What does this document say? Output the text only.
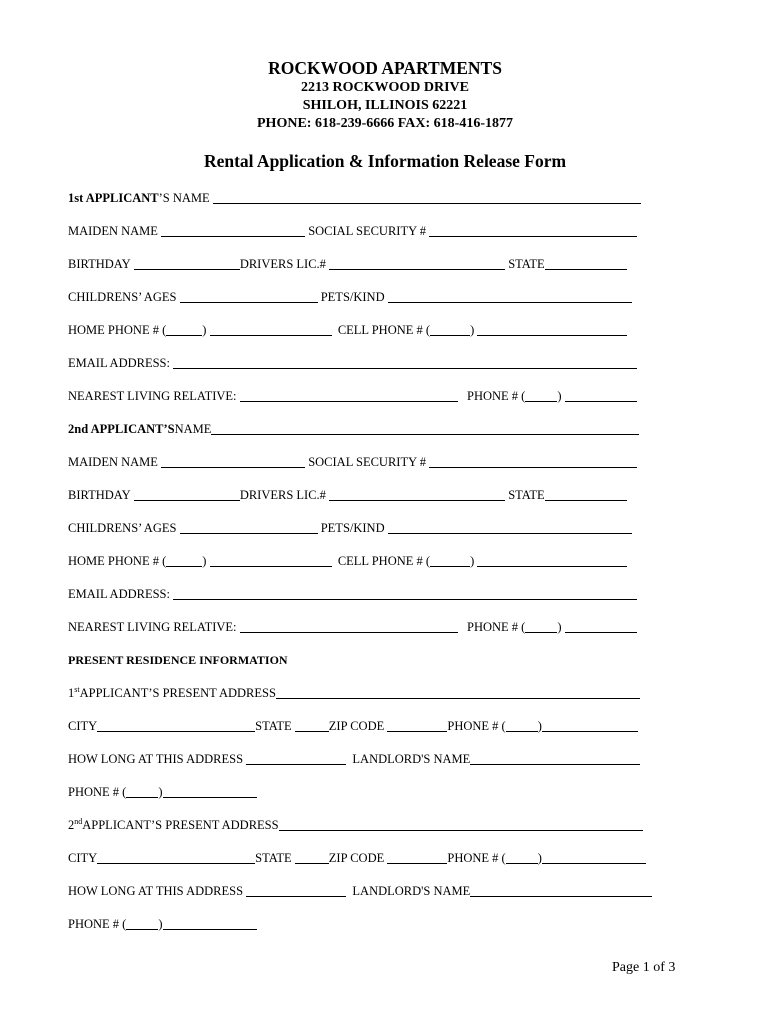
ROCKWOOD APARTMENTS
2213 ROCKWOOD DRIVE
SHILOH, ILLINOIS 62221
PHONE: 618-239-6666 FAX: 618-416-1877
Rental Application & Information Release Form
1st APPLICANT’S NAME
MAIDEN NAME	SOCIAL SECURITY #
BIRTHDAY	DRIVERS LIC.#	STATE
CHILDRENS’ AGES	PETS/KIND
HOME PHONE # (	)	CELL PHONE # (	)
EMAIL ADDRESS:
NEAREST LIVING RELATIVE:	PHONE # (	)
2nd APPLICANT’SNAME
MAIDEN NAME	SOCIAL SECURITY #
BIRTHDAY	DRIVERS LIC.#	STATE
CHILDRENS’ AGES	PETS/KIND
HOME PHONE # (	)	CELL PHONE # (	)
EMAIL ADDRESS:
NEAREST LIVING RELATIVE:	PHONE # (	)
PRESENT RESIDENCE INFORMATION
1stAPPLICANT’S PRESENT ADDRESS
CITY	STATE	ZIP CODE	PHONE # (	)
HOW LONG AT THIS ADDRESS	LANDLORD'S NAME
PHONE # (	)
2ndAPPLICANT’S PRESENT ADDRESS
CITY	STATE	ZIP CODE	PHONE # (	)
HOW LONG AT THIS ADDRESS	LANDLORD'S NAME
PHONE # (	)
Page 1 of 3
